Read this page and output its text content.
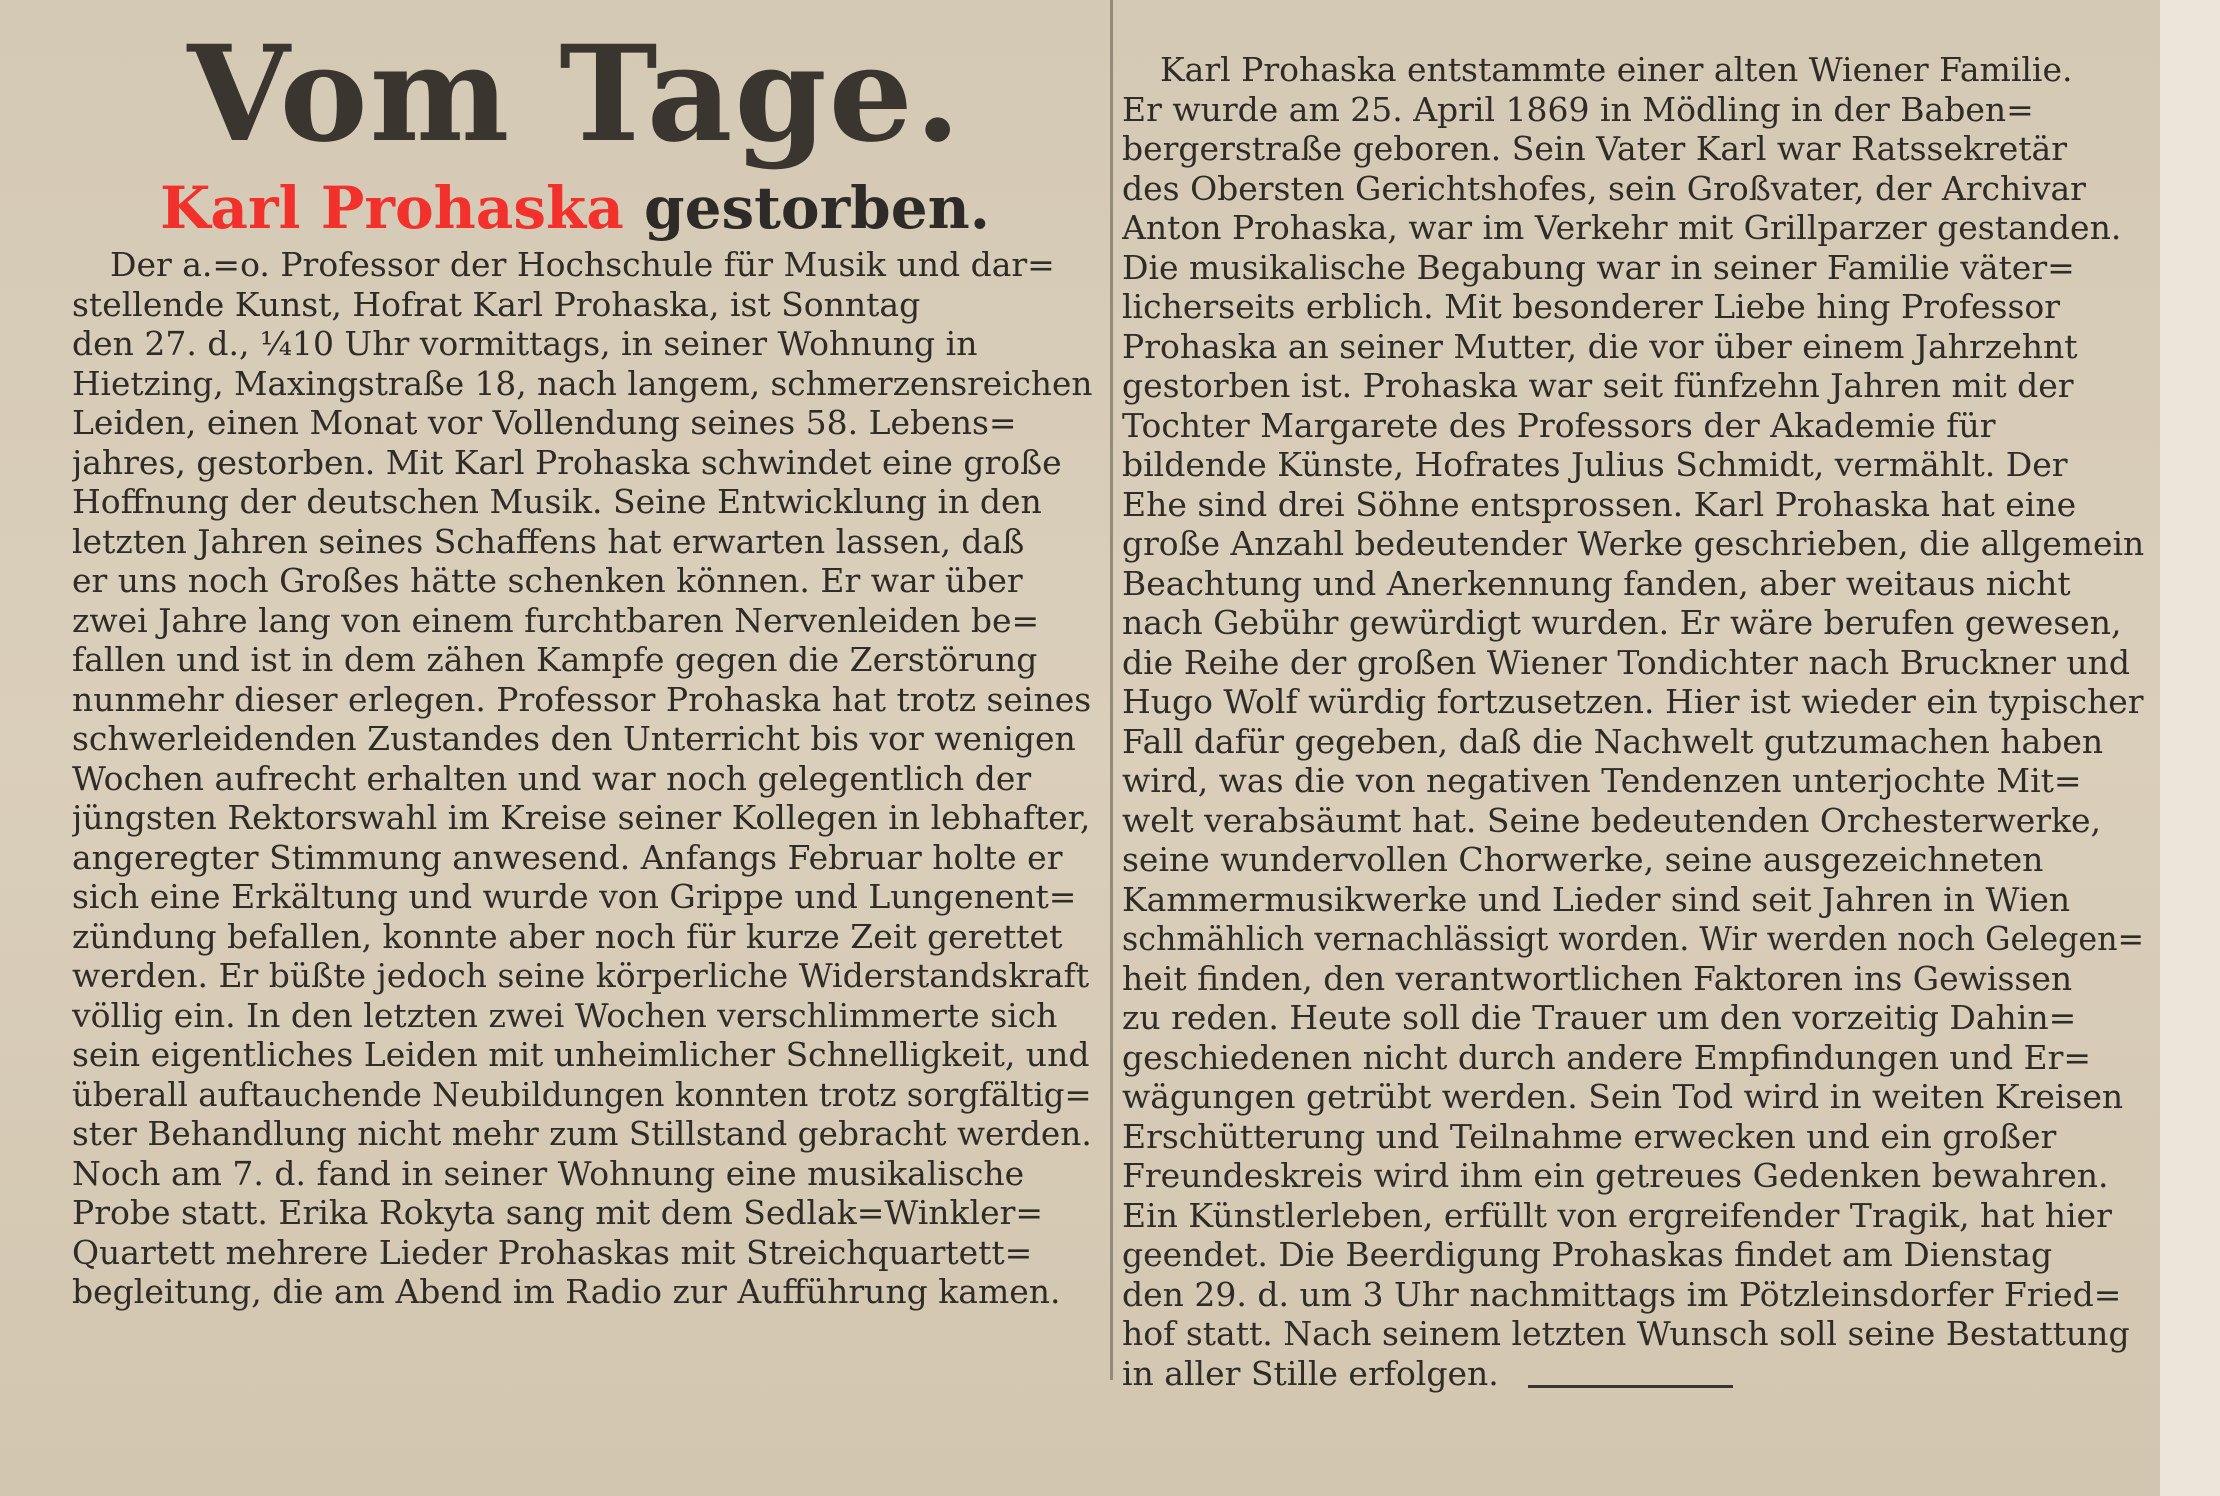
Vom Tage.
Karl Prohaska gestorben.
Der a.=o. Professor der Hochschule für Musik und dar=
stellende Kunst, Hofrat Karl Prohaska, ist Sonntag
den 27. d., ¼10 Uhr vormittags, in seiner Wohnung in
Hietzing, Maxingstraße 18, nach langem, schmerzensreichen
Leiden, einen Monat vor Vollendung seines 58. Lebens=
jahres, gestorben. Mit Karl Prohaska schwindet eine große
Hoffnung der deutschen Musik. Seine Entwicklung in den
letzten Jahren seines Schaffens hat erwarten lassen, daß
er uns noch Großes hätte schenken können. Er war über
zwei Jahre lang von einem furchtbaren Nervenleiden be=
fallen und ist in dem zähen Kampfe gegen die Zerstörung
nunmehr dieser erlegen. Professor Prohaska hat trotz seines
schwerleidenden Zustandes den Unterricht bis vor wenigen
Wochen aufrecht erhalten und war noch gelegentlich der
jüngsten Rektorswahl im Kreise seiner Kollegen in lebhafter,
angeregter Stimmung anwesend. Anfangs Februar holte er
sich eine Erkältung und wurde von Grippe und Lungenent=
zündung befallen, konnte aber noch für kurze Zeit gerettet
werden. Er büßte jedoch seine körperliche Widerstandskraft
völlig ein. In den letzten zwei Wochen verschlimmerte sich
sein eigentliches Leiden mit unheimlicher Schnelligkeit, und
überall auftauchende Neubildungen konnten trotz sorgfältig=
ster Behandlung nicht mehr zum Stillstand gebracht werden.
Noch am 7. d. fand in seiner Wohnung eine musikalische
Probe statt. Erika Rokyta sang mit dem Sedlak=Winkler=
Quartett mehrere Lieder Prohaskas mit Streichquartett=
begleitung, die am Abend im Radio zur Aufführung kamen.
Karl Prohaska entstammte einer alten Wiener Familie.
Er wurde am 25. April 1869 in Mödling in der Baben=
bergerstraße geboren. Sein Vater Karl war Ratssekretär
des Obersten Gerichtshofes, sein Großvater, der Archivar
Anton Prohaska, war im Verkehr mit Grillparzer gestanden.
Die musikalische Begabung war in seiner Familie väter=
licherseits erblich. Mit besonderer Liebe hing Professor
Prohaska an seiner Mutter, die vor über einem Jahrzehnt
gestorben ist. Prohaska war seit fünfzehn Jahren mit der
Tochter Margarete des Professors der Akademie für
bildende Künste, Hofrates Julius Schmidt, vermählt. Der
Ehe sind drei Söhne entsprossen. Karl Prohaska hat eine
große Anzahl bedeutender Werke geschrieben, die allgemein
Beachtung und Anerkennung fanden, aber weitaus nicht
nach Gebühr gewürdigt wurden. Er wäre berufen gewesen,
die Reihe der großen Wiener Tondichter nach Bruckner und
Hugo Wolf würdig fortzusetzen. Hier ist wieder ein typischer
Fall dafür gegeben, daß die Nachwelt gutzumachen haben
wird, was die von negativen Tendenzen unterjochte Mit=
welt verabsäumt hat. Seine bedeutenden Orchesterwerke,
seine wundervollen Chorwerke, seine ausgezeichneten
Kammermusikwerke und Lieder sind seit Jahren in Wien
schmählich vernachlässigt worden. Wir werden noch Gelegen=
heit finden, den verantwortlichen Faktoren ins Gewissen
zu reden. Heute soll die Trauer um den vorzeitig Dahin=
geschiedenen nicht durch andere Empfindungen und Er=
wägungen getrübt werden. Sein Tod wird in weiten Kreisen
Erschütterung und Teilnahme erwecken und ein großer
Freundeskreis wird ihm ein getreues Gedenken bewahren.
Ein Künstlerleben, erfüllt von ergreifender Tragik, hat hier
geendet. Die Beerdigung Prohaskas findet am Dienstag
den 29. d. um 3 Uhr nachmittags im Pötzleinsdorfer Fried=
hof statt. Nach seinem letzten Wunsch soll seine Bestattung
in aller Stille erfolgen.
